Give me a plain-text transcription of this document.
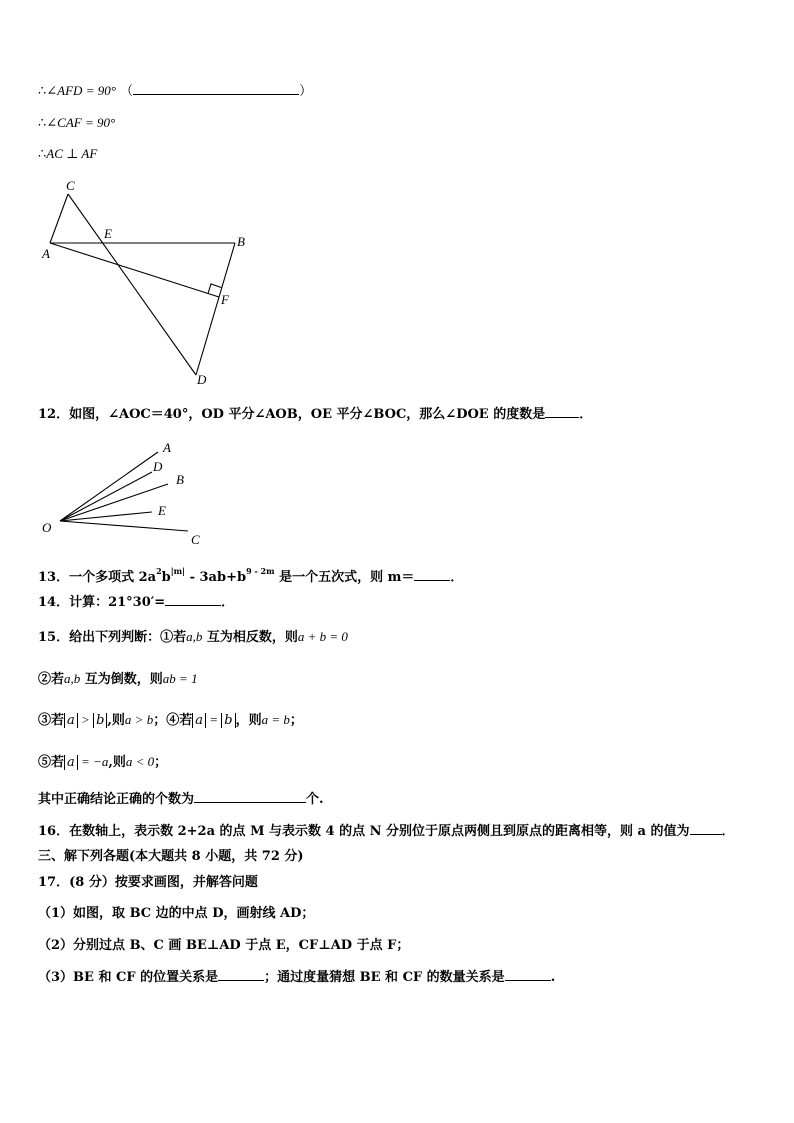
∴∠AFD = 90° （	）
∴∠CAF = 90°
∴AC ⊥ AF
C
E
A
B
F
D
12．如图，∠AOC＝40°，OD 平分∠AOB，OE 平分∠BOC，那么∠DOE 的度数是	．
A
D
B
E
O
C
13．一个多项式 $2a^2b^{|m|} - 3ab+b^{9 - 2m}$ 是一个五次式，则 m＝	．
14．计算：21°30′=	．
15．给出下列判断：①若a,b 互为相反数，则a + b = 0
②若a,b 互为倒数，则ab = 1
③若 a > b ,则a > b；④若 a = b ，则a = b；
⑤若 a = −a,则a < 0；
其中正确结论正确的个数为	个.
16．在数轴上，表示数 2+2a 的点 M 与表示数 4 的点 N 分别位于原点两侧且到原点的距离相等，则 a 的值为 ．
三、解下列各题(本大题共 8 小题，共 72 分)
17．(8 分）按要求画图，并解答问题
（1）如图，取 BC 边的中点 D，画射线 AD；
（2）分别过点 B、C 画 BE⊥AD 于点 E，CF⊥AD 于点 F；
（3）BE 和 CF 的位置关系是	；通过度量猜想 BE 和 CF 的数量关系是	.
